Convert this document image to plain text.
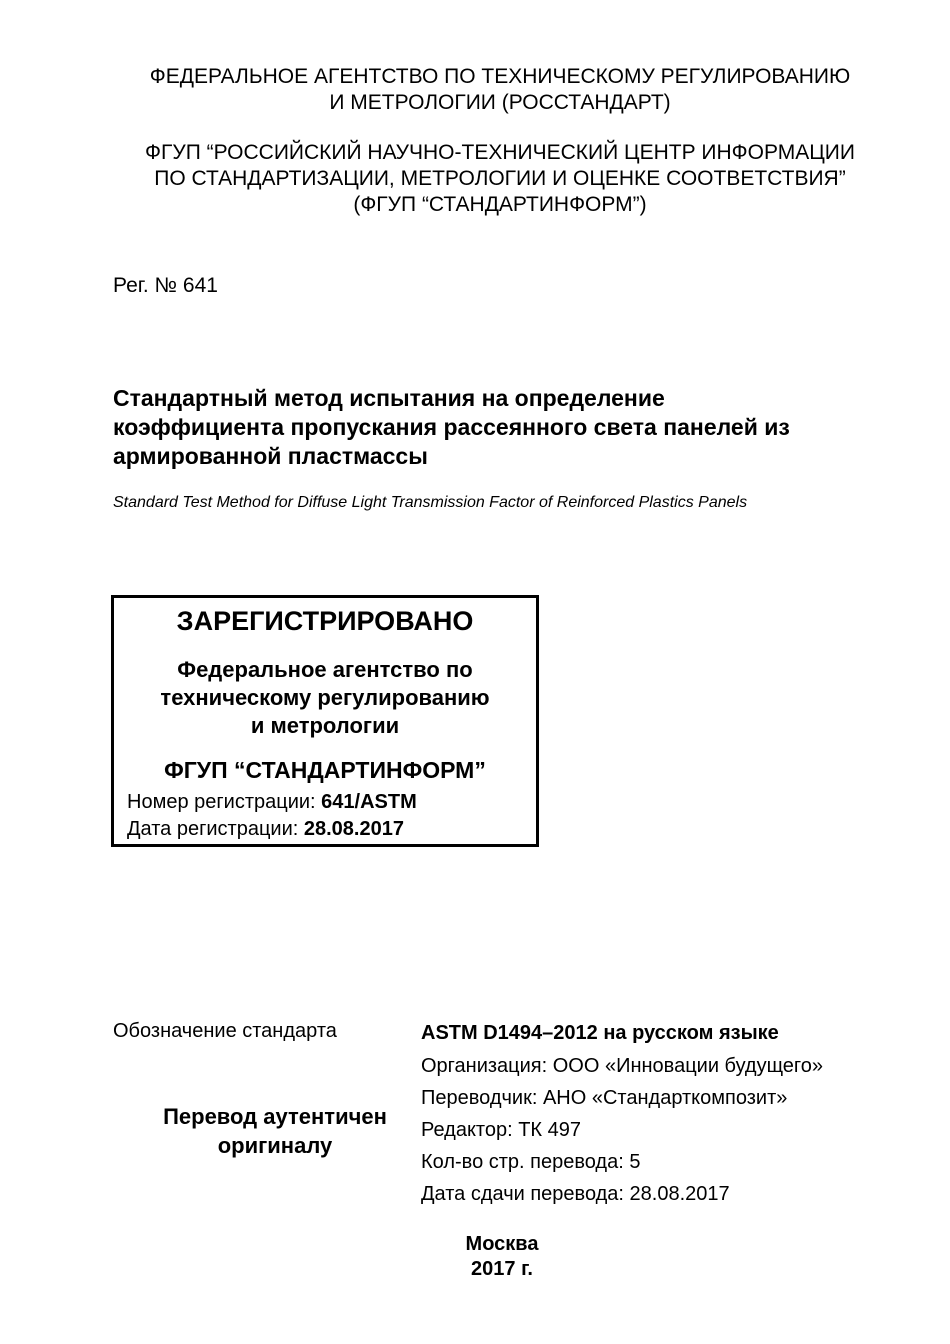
ФЕДЕРАЛЬНОЕ АГЕНТСТВО ПО ТЕХНИЧЕСКОМУ РЕГУЛИРОВАНИЮ
И МЕТРОЛОГИИ (РОССТАНДАРТ)
ФГУП “РОССИЙСКИЙ НАУЧНО-ТЕХНИЧЕСКИЙ ЦЕНТР ИНФОРМАЦИИ
ПО СТАНДАРТИЗАЦИИ, МЕТРОЛОГИИ И ОЦЕНКЕ СООТВЕТСТВИЯ”
(ФГУП “СТАНДАРТИНФОРМ”)
Рег. № 641
Стандартный метод испытания на определение
коэффициента пропускания рассеянного света панелей из
армированной пластмассы
Standard Test Method for Diffuse Light Transmission Factor of Reinforced Plastics Panels
ЗАРЕГИСТРИРОВАНО
Федеральное агентство по
техническому регулированию
и метрологии
ФГУП “СТАНДАРТИНФОРМ”
Номер регистрации: 641/ASTM
Дата регистрации: 28.08.2017
Обозначение стандарта
Перевод аутентичен
оригиналу
ASTM D1494–2012 на русском языке
Организация: ООО «Инновации будущего»
Переводчик: АНО «Стандарткомпозит»
Редактор: ТК 497
Кол-во стр. перевода: 5
Дата сдачи перевода: 28.08.2017
Москва
2017 г.
